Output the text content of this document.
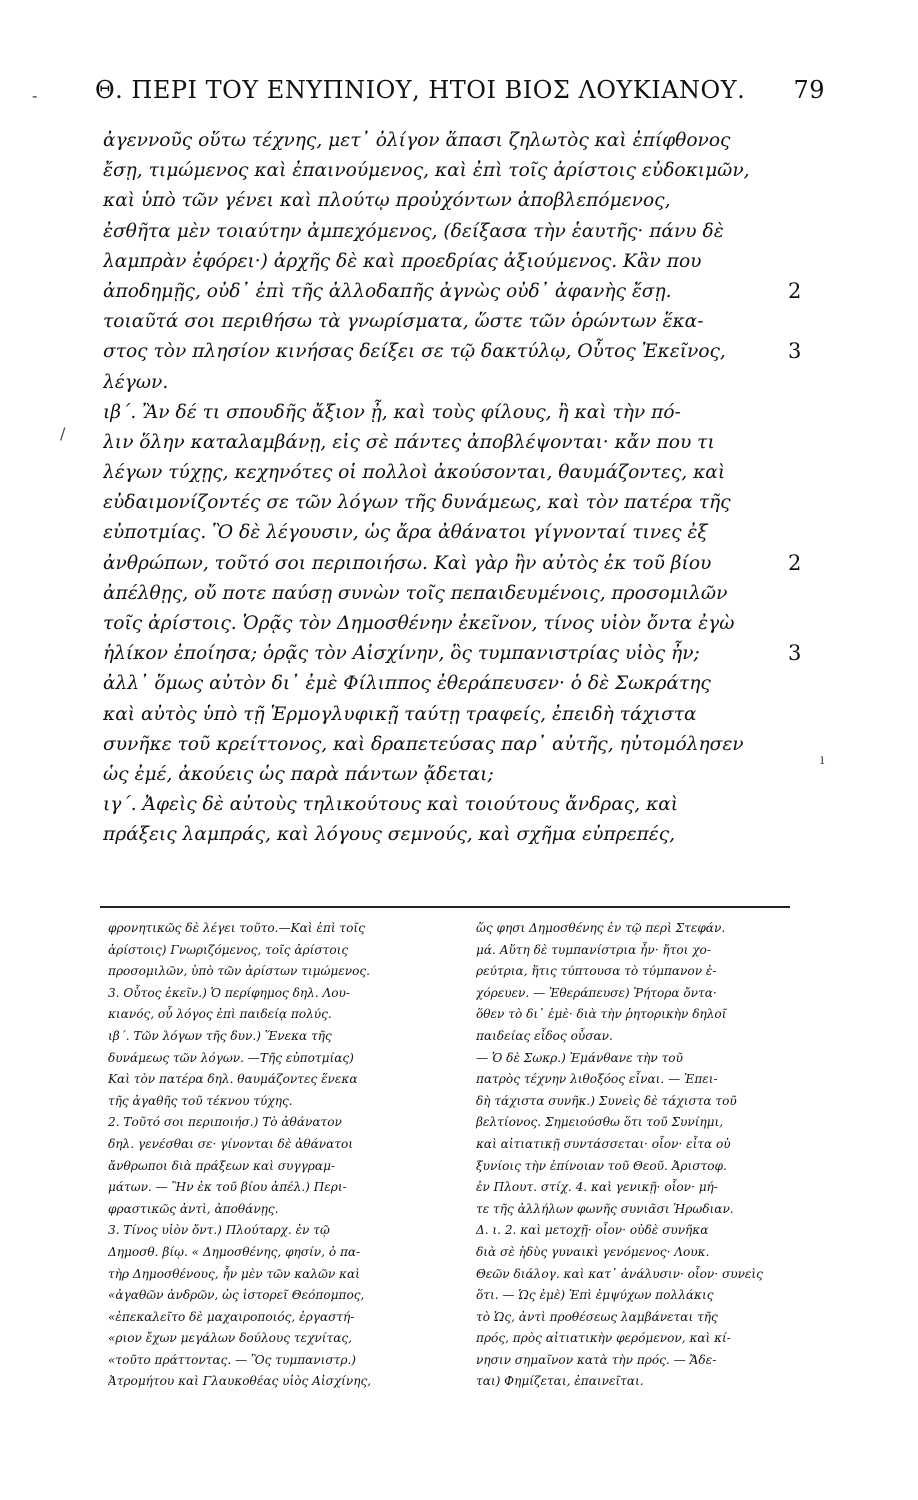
- Θ. ΠΕΡΙ ΤΟΥ ΕΝΥΠΝΙΟΥ, ΗΤΟΙ ΒΙΟΣ ΛΟΥΚΙΑΝΟΥ. 79
ἀγεννοῦς οὕτω τέχνης, μετ᾽ ὀλίγον ἅπασι ζηλωτὸς καὶ ἐπίφθονος
ἔσῃ, τιμώμενος καὶ ἐπαινούμενος, καὶ ἐπὶ τοῖς ἀρίστοις εὐδοκιμῶν,
καὶ ὑπὸ τῶν γένει καὶ πλούτῳ προὐχόντων ἀποβλεπόμενος,
ἐσθῆτα μὲν τοιαύτην ἀμπεχόμενος, (δείξασα τὴν ἑαυτῆς· πάνυ δὲ
λαμπρὰν ἐφόρει·) ἀρχῆς δὲ καὶ προεδρίας ἀξιούμενος. Κἂν που
ἀποδημῇς, οὐδ᾽ ἐπὶ τῆς ἀλλοδαπῆς ἀγνὼς οὐδ᾽ ἀφανὴς ἔσῃ.
τοιαῦτά σοι περιθήσω τὰ γνωρίσματα, ὥστε τῶν ὁρώντων ἕκα-
στος τὸν πλησίον κινήσας δείξει σε τῷ δακτύλῳ, Οὗτος Ἐκεῖνος,
λέγων.
ιβ΄. Ἂν δέ τι σπουδῆς ἄξιον ᾖ, καὶ τοὺς φίλους, ἢ καὶ τὴν πό-
λιν ὅλην καταλαμβάνῃ, εἰς σὲ πάντες ἀποβλέψονται· κἄν που τι
λέγων τύχῃς, κεχηνότες οἱ πολλοὶ ἀκούσονται, θαυμάζοντες, καὶ
εὐδαιμονίζοντές σε τῶν λόγων τῆς δυνάμεως, καὶ τὸν πατέρα τῆς
εὐποτμίας. Ὃ δὲ λέγουσιν, ὡς ἄρα ἀθάνατοι γίγνονταί τινες ἐξ
ἀνθρώπων, τοῦτό σοι περιποιήσω. Καὶ γὰρ ἢν αὐτὸς ἐκ τοῦ βίου
ἀπέλθῃς, οὔ ποτε παύσῃ συνὼν τοῖς πεπαιδευμένοις, προσομιλῶν
τοῖς ἀρίστοις. Ὁρᾷς τὸν Δημοσθένην ἐκεῖνον, τίνος υἱὸν ὄντα ἐγὼ
ἡλίκον ἐποίησα; ὁρᾷς τὸν Αἰσχίνην, ὃς τυμπανιστρίας υἱὸς ἦν;
ἀλλ᾽ ὅμως αὐτὸν δι᾽ ἐμὲ Φίλιππος ἐθεράπευσεν· ὁ δὲ Σωκράτης
καὶ αὐτὸς ὑπὸ τῇ Ἑρμογλυφικῇ ταύτῃ τραφείς, ἐπειδὴ τάχιστα
συνῆκε τοῦ κρείττονος, καὶ δραπετεύσας παρ᾽ αὐτῆς, ηὐτομόλησεν
ὡς ἐμέ, ἀκούεις ὡς παρὰ πάντων ᾄδεται;
ιγ΄. Ἀφεὶς δὲ αὐτοὺς τηλικούτους καὶ τοιούτους ἄνδρας, καὶ
πράξεις λαμπράς, καὶ λόγους σεμνούς, καὶ σχῆμα εὐπρεπές,
2
3
2
3
/
ı
φρονητικῶς δὲ λέγει τοῦτο.—Καὶ ἐπὶ τοῖς
ἀρίστοις) Γνωριζόμενος, τοῖς ἀρίστοις
προσομιλῶν, ὑπὸ τῶν ἀρίστων τιμώμενος.
3. Οὗτος ἐκεῖν.) Ὁ περίφημος δηλ. Λου-
κιανός, οὗ λόγος ἐπὶ παιδείᾳ πολύς.
ιβ΄. Τῶν λόγων τῆς δυν.) Ἕνεκα τῆς
δυνάμεως τῶν λόγων. —Τῆς εὐποτμίας)
Καὶ τὸν πατέρα δηλ. θαυμάζοντες ἕνεκα
τῆς ἀγαθῆς τοῦ τέκνου τύχης.
2. Τοῦτό σοι περιποιήσ.) Τὸ ἀθάνατον
δηλ. γενέσθαι σε· γίνονται δὲ ἀθάνατοι
ἄνθρωποι διὰ πράξεων καὶ συγγραμ-
μάτων. — Ἢν ἐκ τοῦ βίου ἀπέλ.) Περι-
φραστικῶς ἀντὶ, ἀποθάνῃς.
3. Τίνος υἱὸν ὄντ.) Πλούταρχ. ἐν τῷ
Δημοσθ. βίῳ. « Δημοσθένης, φησίν, ὁ πα-
τὴρ Δημοσθένους, ἦν μὲν τῶν καλῶν καὶ
«ἀγαθῶν ἀνδρῶν, ὡς ἱστορεῖ Θεόπομπος,
«ἐπεκαλεῖτο δὲ μαχαιροποιός, ἐργαστή-
«ριον ἔχων μεγάλων δούλους τεχνίτας,
«τοῦτο πράττοντας. — Ὃς τυμπανιστρ.)
Ἀτρομήτου καὶ Γλαυκοθέας υἱὸς Αἰσχίνης,
ὥς φησι Δημοσθένης ἐν τῷ περὶ Στεφάν.
μά. Αὕτη δὲ τυμπανίστρια ἦν· ἤτοι χο-
ρεύτρια, ἥτις τύπτουσα τὸ τύμπανον ἐ-
χόρευεν. — Ἐθεράπευσε) Ῥήτορα ὄντα·
ὅθεν τὸ δι᾽ ἐμὲ· διὰ τὴν ῥητορικὴν δηλοῖ
παιδείας εἶδος οὖσαν.
— Ὁ δὲ Σωκρ.) Ἐμάνθανε τὴν τοῦ
πατρὸς τέχνην λιθοξόος εἶναι. — Ἐπει-
δὴ τάχιστα συνῆκ.) Συνεὶς δὲ τάχιστα τοῦ
βελτίονος. Σημειούσθω ὅτι τοῦ Συνίημι,
καὶ αἰτιατικῇ συντάσσεται· οἷον· εἶτα οὐ
ξυνίοις τὴν ἐπίνοιαν τοῦ Θεοῦ. Ἀριστοφ.
ἐν Πλουτ. στίχ. 4. καὶ γενικῇ· οἷον· μή-
τε τῆς ἀλλήλων φωνῆς συνιᾶσι Ἡρωδιαν.
Δ. ι. 2. καὶ μετοχῇ· οἷον· οὐδὲ συνῆκα
διὰ σὲ ἡδὺς γυναικὶ γενόμενος· Λουκ.
Θεῶν διάλογ. καὶ κατ᾽ ἀνάλυσιν· οἷον· συνεὶς
ὅτι. — Ὡς ἐμὲ) Ἐπὶ ἐμψύχων πολλάκις
τὸ Ὡς, ἀντὶ προθέσεως λαμβάνεται τῆς
πρός, πρὸς αἰτιατικὴν φερόμενον, καὶ κί-
νησιν σημαῖνον κατὰ τὴν πρός. — Ἄδε-
ται) Φημίζεται, ἐπαινεῖται.
